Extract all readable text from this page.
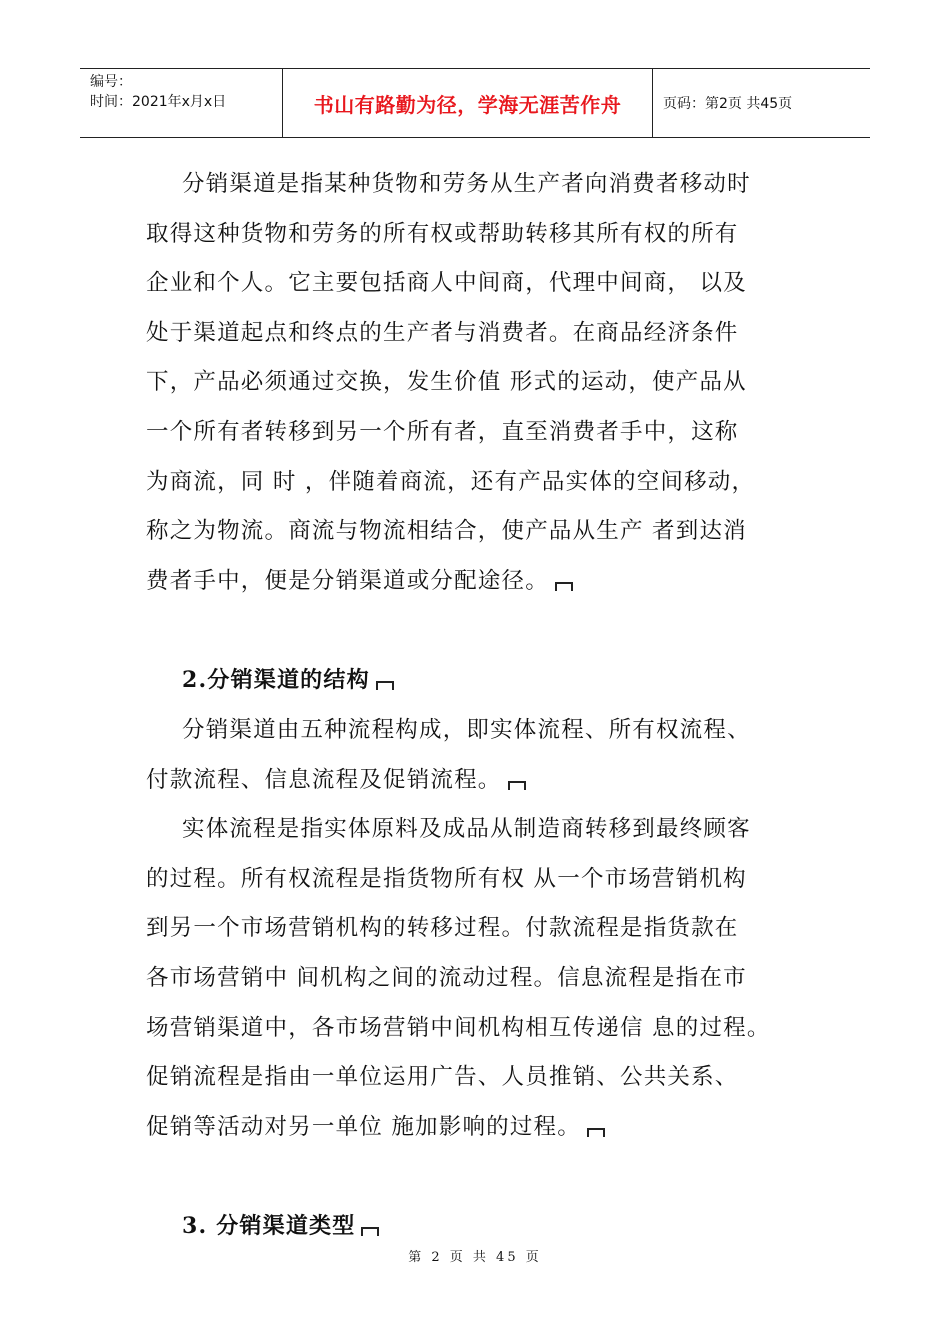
编号：
时间：2021年x月x日	书山有路勤为径，学海无涯苦作舟	页码：第2页 共45页

分销渠道是指某种货物和劳务从生产者向消费者移动时

取得这种货物和劳务的所有权或帮助转移其所有权的所有

企业和个人。它主要包括商人中间商，代理中间商， 以及

处于渠道起点和终点的生产者与消费者。在商品经济条件

下，产品必须通过交换，发生价值 形式的运动，使产品从

一个所有者转移到另一个所有者，直至消费者手中，这称

为商流，同 时 ，伴随着商流，还有产品实体的空间移动，

称之为物流。商流与物流相结合，使产品从生产 者到达消

费者手中，便是分销渠道或分配途径。

2.分销渠道的结构

分销渠道由五种流程构成，即实体流程、所有权流程、

付款流程、信息流程及促销流程。

实体流程是指实体原料及成品从制造商转移到最终顾客

的过程。所有权流程是指货物所有权 从一个市场营销机构

到另一个市场营销机构的转移过程。付款流程是指货款在

各市场营销中 间机构之间的流动过程。信息流程是指在市

场营销渠道中，各市场营销中间机构相互传递信 息的过程。

促销流程是指由一单位运用广告、人员推销、公共关系、

促销等活动对另一单位 施加影响的过程。

3. 分销渠道类型

第 2 页 共 45 页
